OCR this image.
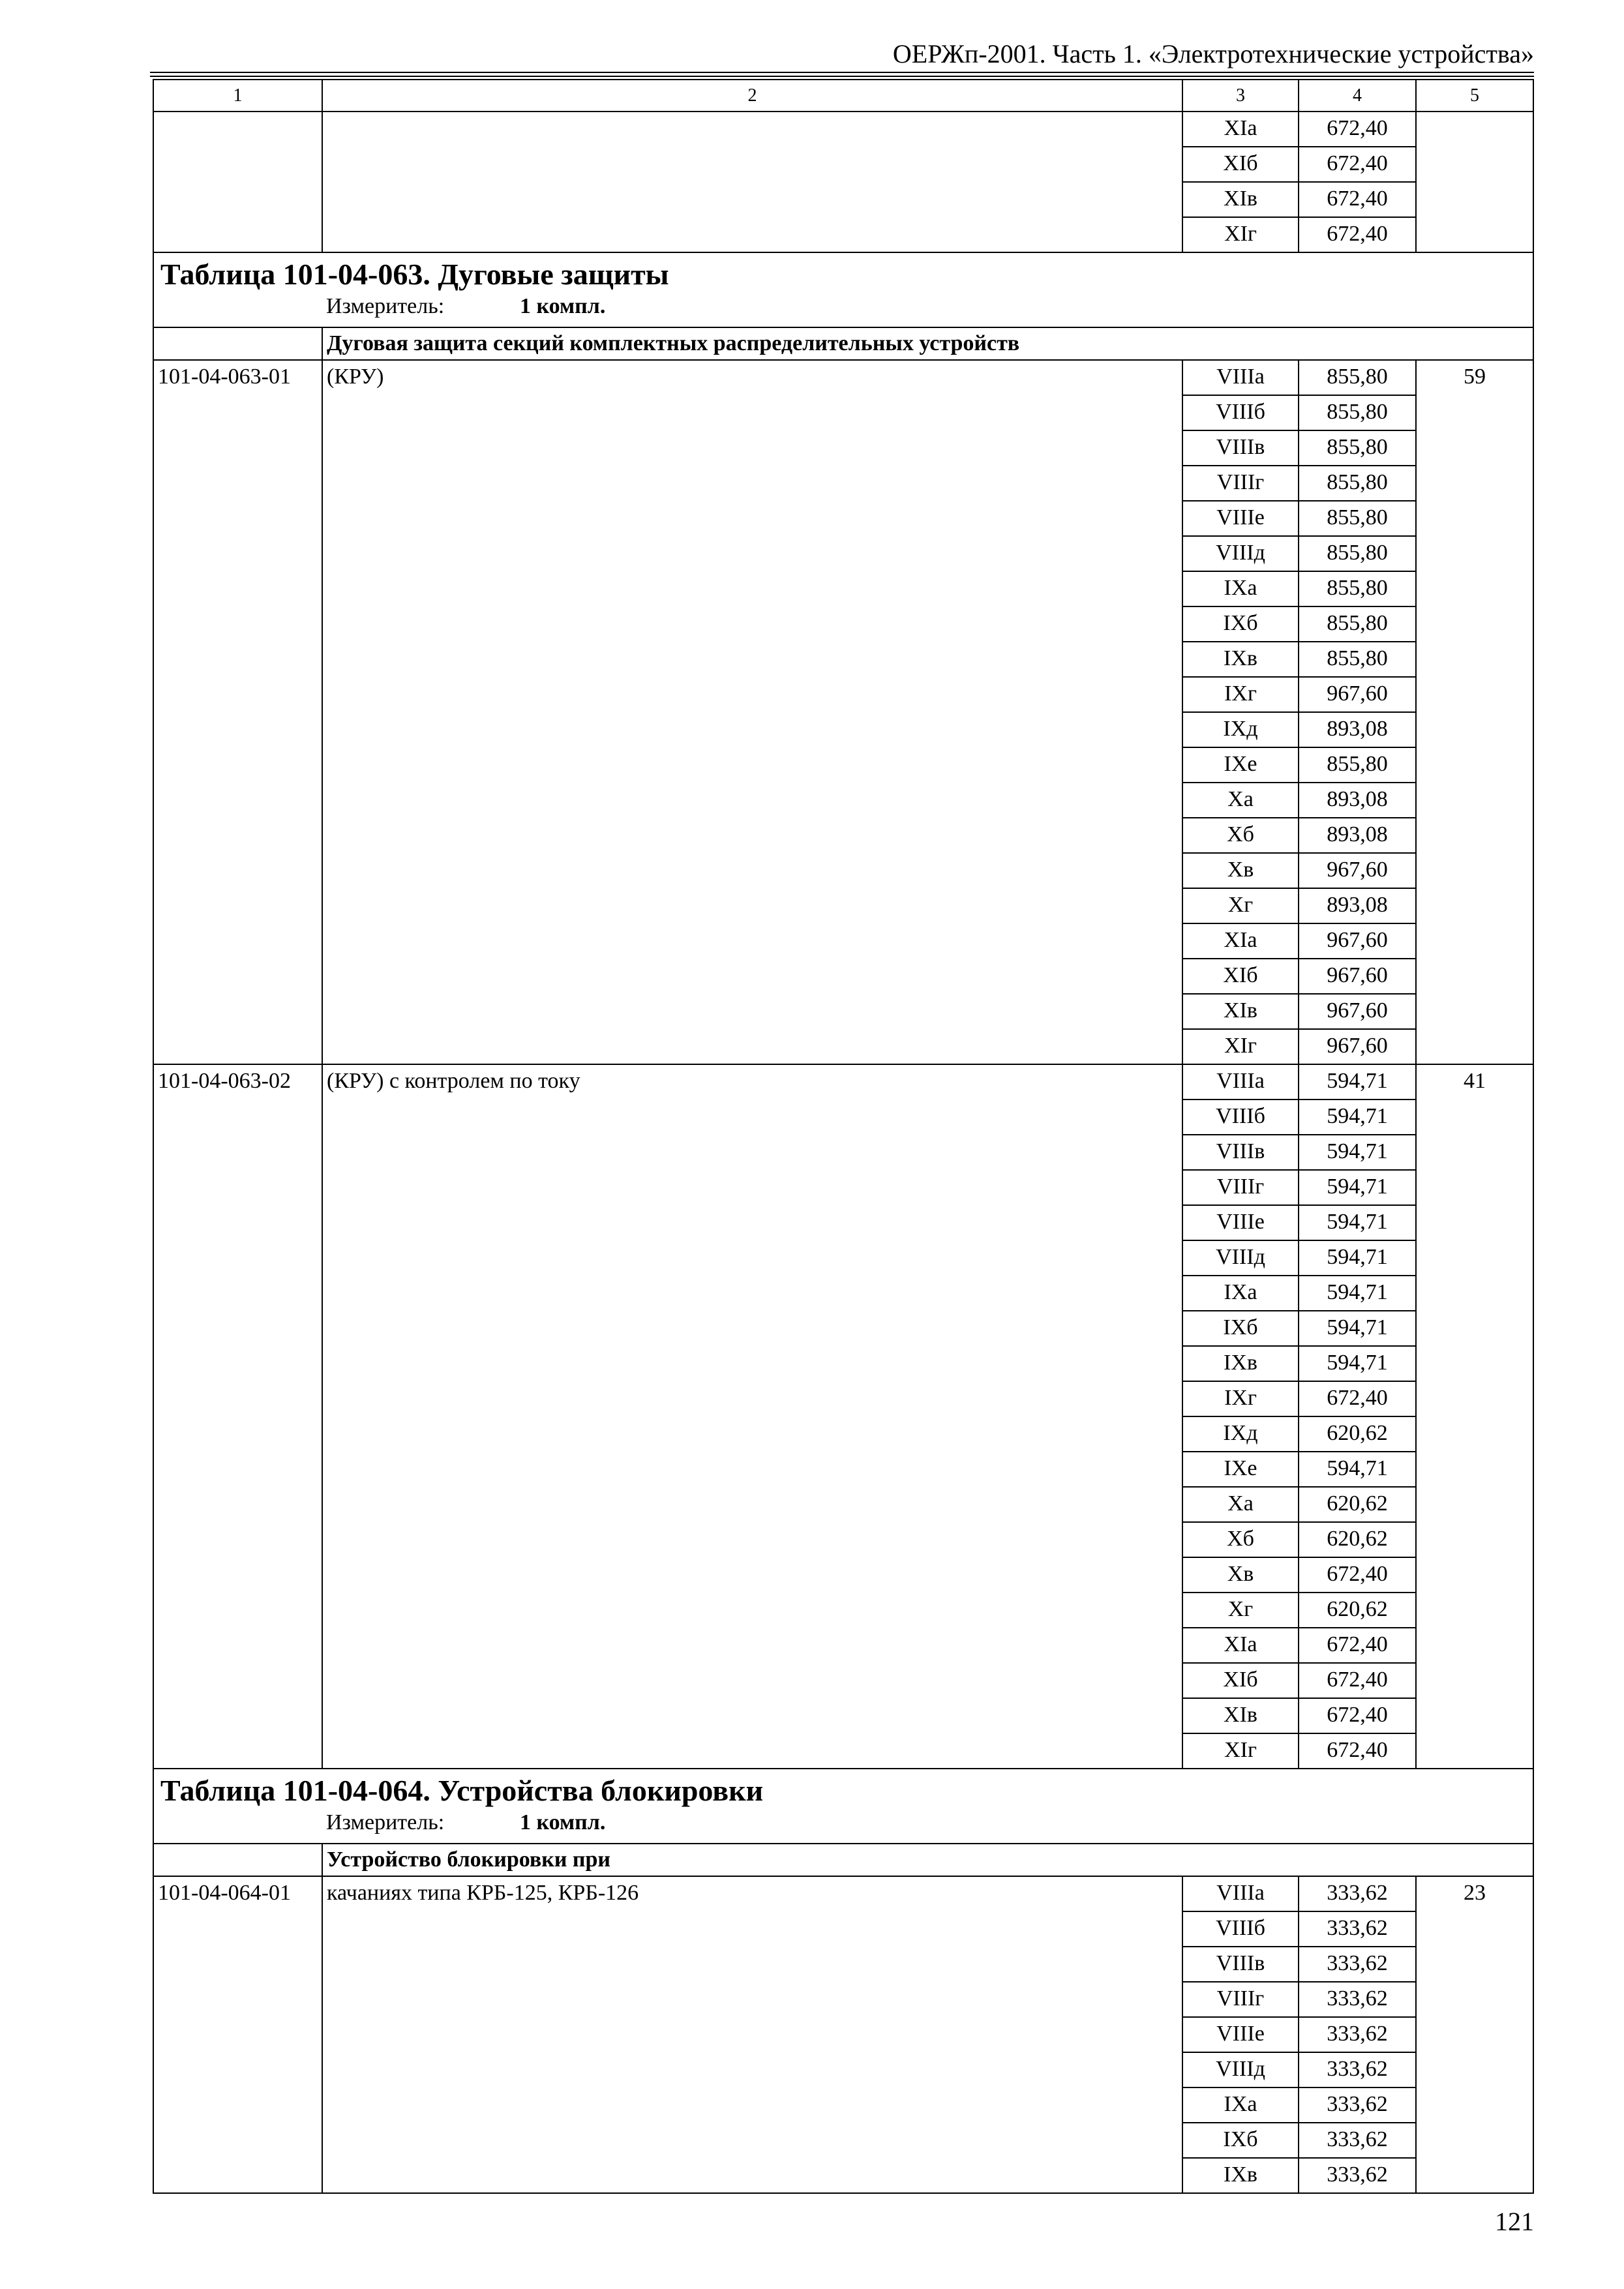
ОЕРЖп-2001. Часть 1. «Электротехнические устройства»
1	2	3	4	5
		XIа	672,40	
		XIб	672,40	
		XIв	672,40	
		XIг	672,40	

Таблица 101-04-063. Дуговые защиты
Измеритель: 1 компл.				

	Дуговая защита секций комплектных распределительных устройств			
101-04-063-01	(КРУ)	VIIIа	855,80	59
		VIIIб	855,80	
		VIIIв	855,80	
		VIIIг	855,80	
		VIIIе	855,80	
		VIIIд	855,80	
		IXа	855,80	
		IXб	855,80	
		IXв	855,80	
		IXг	967,60	
		IXд	893,08	
		IXе	855,80	
		Xа	893,08	
		Xб	893,08	
		Xв	967,60	
		Xг	893,08	
		XIа	967,60	
		XIб	967,60	
		XIв	967,60	
		XIг	967,60	
101-04-063-02	(КРУ) с контролем по току	VIIIа	594,71	41
		VIIIб	594,71	
		VIIIв	594,71	
		VIIIг	594,71	
		VIIIе	594,71	
		VIIIд	594,71	
		IXа	594,71	
		IXб	594,71	
		IXв	594,71	
		IXг	672,40	
		IXд	620,62	
		IXе	594,71	
		Xа	620,62	
		Xб	620,62	
		Xв	672,40	
		Xг	620,62	
		XIа	672,40	
		XIб	672,40	
		XIв	672,40	
		XIг	672,40	

Таблица 101-04-064. Устройства блокировки
Измеритель: 1 компл.				

	Устройство блокировки при			
101-04-064-01	качаниях типа КРБ-125, КРБ-126	VIIIа	333,62	23
		VIIIб	333,62	
		VIIIв	333,62	
		VIIIг	333,62	
		VIIIе	333,62	
		VIIIд	333,62	
		IXа	333,62	
		IXб	333,62	
		IXв	333,62	
121
